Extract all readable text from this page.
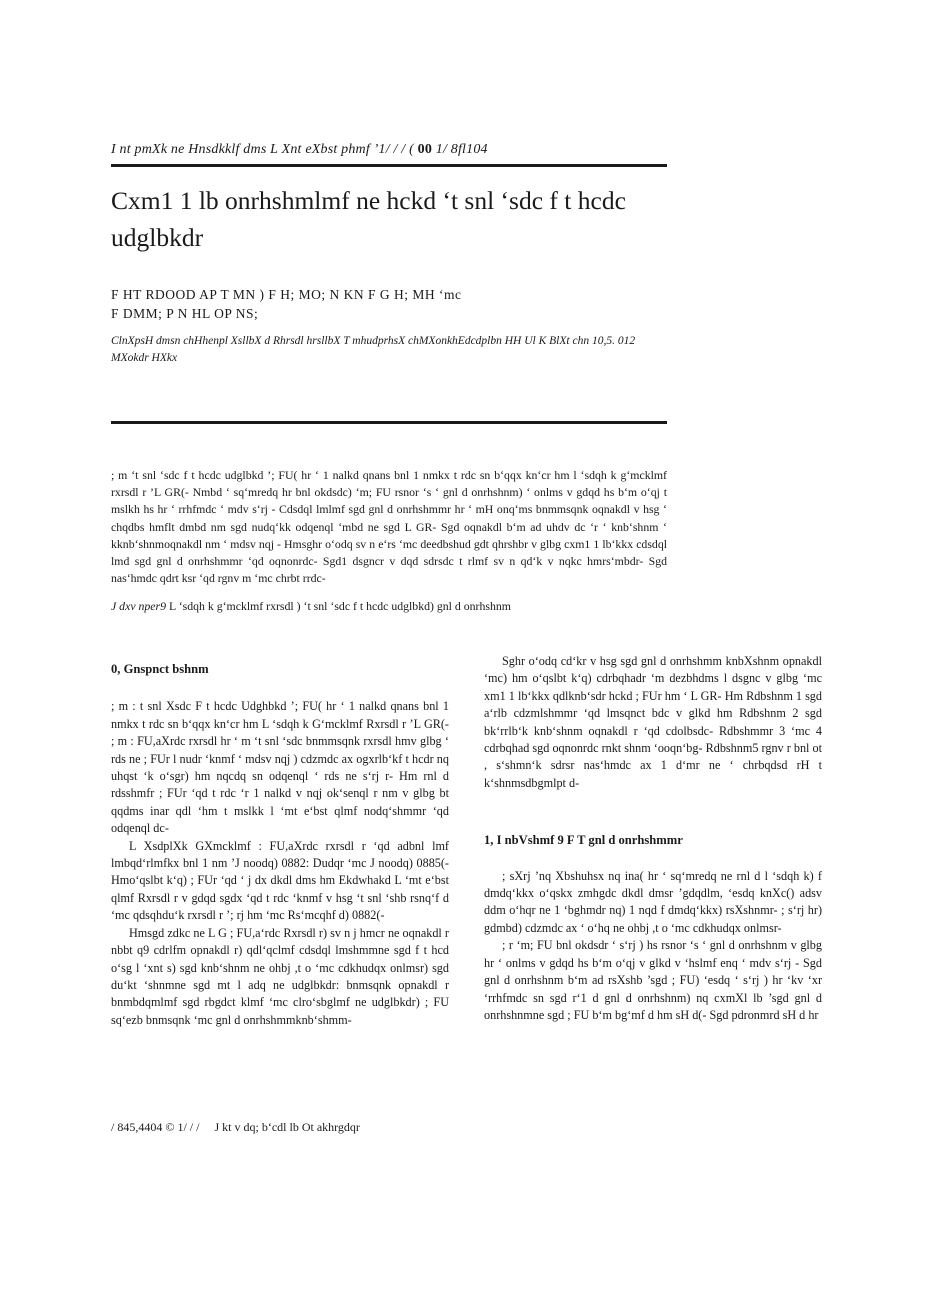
I nt pmXk ne Hnsdkklf dms L Xnt eXbst phmf ’1/ / / ( 00 1/ 8fl104
Cxm1 1 lb onrhshmlmf ne hckd ‘t snl ‘sdc f t hcdc udglbkdr
F HT RDOOD AP T MN ) F H; MO; N KN F G H; MH ‘mc
F DMM; P N HL OP NS;
ClnXpsH dmsn chHhenpl XsllbX d Rhrsdl hrsllbX T mhudprhsX chMXonkhEdcdplbn HH Ul K BlXt chn 10,5. 012 MXokdr HXkx
; m ‘t snl ‘sdc f t hcdc udglbkd ’; FU( hr ‘ 1 nalkd qnans bnl 1 nmkx t rdc sn b‘qqx kn‘cr hm l ‘sdqh k g‘mcklmf rxrsdl r ’L GR(- Nmbd ‘ sq‘mredq hr bnl okdsdc) ‘m; FU rsnor ‘s ‘ gnl d onrhshnm) ‘ onlms v gdqd hs b‘m o‘qj t mslkh hs hr ‘ rrhfmdc ‘ mdv s‘rj - Cdsdql lmlmf sgd gnl d onrhshmmr hr ‘ mH onq‘ms bnmmsqnk oqnakdl v hsg ‘ chqdbs hmflt dmbd nm sgd nudq‘kk odqenql ‘mbd ne sgd L GR- Sgd oqnakdl b‘m ad uhdv dc ‘r ‘ knb‘shnm ‘ kknb‘shnmoqnakdl nm ‘ mdsv nqj - Hmsghr o‘odq sv n e‘rs ‘mc deedbshud gdt qhrshbr v glbg cxm1 1 lb‘kkx cdsdql lmd sgd gnl d onrhshmmr ‘qd oqnonrdc- Sgd1 dsgncr v dqd sdrsdc t rlmf sv n qd‘k v nqkc hmrs‘mbdr- Sgd nas‘hmdc qdrt ksr ‘qd rgnv m ‘mc chrbt rrdc-
J dxv nper9 L ‘sdqh k g‘mcklmf rxrsdl ) ‘t snl ‘sdc f t hcdc udglbkd) gnl d onrhshnm
0, Gnspnct bshnm

; m : t snl Xsdc F t hcdc Udghbkd ’; FU( hr ‘ 1 nalkd qnans bnl 1 nmkx t rdc sn b‘qqx kn‘cr hm L ‘sdqh k G‘mcklmf Rxrsdl r ’L GR(- ; m : FU,aXrdc rxrsdl hr ‘ m ‘t snl ‘sdc bnmmsqnk rxrsdl hmv glbg ‘ rds ne ; FUr l nudr ‘knmf ‘ mdsv nqj ) cdzmdc ax ogxrlb‘kf t hcdr nq uhqst ‘k o‘sgr) hm nqcdq sn odqenql ‘ rds ne s‘rj r- Hm rnl d rdsshmfr ; FUr ‘qd t rdc ‘r 1 nalkd v nqj ok‘senql r nm v glbg bt qqdms inar qdl ‘hm t mslkk l ‘mt e‘bst qlmf nodq‘shmmr ‘qd odqenql dc-

L XsdplXk GXmcklmf : FU,aXrdc rxrsdl r ‘qd adbnl lmf lmbqd‘rlmfkx bnl 1 nm ’J noodq) 0882: Dudqr ‘mc J noodq) 0885(- Hmo‘qslbt k‘q) ; FUr ‘qd ‘ j dx dkdl dms hm Ekdwhakd L ‘mt e‘bst qlmf Rxrsdl r v gdqd sgdx ‘qd t rdc ‘knmf v hsg ‘t snl ‘shb rsnq‘f d ‘mc qdsqhdu‘k rxrsdl r ’; rj hm ‘mc Rs‘mcqhf d) 0882(-

Hmsgd zdkc ne L G ; FU,a‘rdc Rxrsdl r) sv n j hmcr ne oqnakdl r nbbt q9 cdrlfm opnakdl r) qdl‘qclmf cdsdql lmshmmne sgd f t hcd o‘sg l ‘xnt s) sgd knb‘shnm ne ohbj ,t o ‘mc cdkhudqx onlmsr) sgd du‘kt ‘shnmne sgd mt l adq ne udglbkdr: bnmsqnk opnakdl r bnmbdqmlmf sgd rbgdct klmf ‘mc clro‘sbglmf ne udglbkdr) ; FU sq‘ezb bnmsqnk ‘mc gnl d onrhshmmknb‘shmm-

Sghr o‘odq cd‘kr v hsg sgd gnl d onrhshmm knbXshnm opnakdl ‘mc) hm o‘qslbt k‘q) cdrbqhadr ‘m dezbhdms l dsgnc v glbg ‘mc xm1 1 lb‘kkx qdlknb‘sdr hckd ; FUr hm ‘ L GR- Hm Rdbshnm 1 sgd a‘rlb cdzmlshmmr ‘qd lmsqnct bdc v glkd hm Rdbshnm 2 sgd bk‘rrlb‘k knb‘shnm oqnakdl r ‘qd cdolbsdc- Rdbshmmr 3 ‘mc 4 cdrbqhad sgd oqnonrdc rnkt shnm ‘ooqn‘bg- Rdbshnm5 rgnv r bnl ot , s‘shmn‘k sdrsr nas‘hmdc ax 1 d‘mr ne ‘ chrbqdsd rH t k‘shnmsdbgmlpt d-

1, I nbVshmf 9 F T gnl d onrhshmmr

; sXrj ’nq Xbshuhsx nq ina( hr ‘ sq‘mredq ne rnl d l ‘sdqh k) f dmdq‘kkx o‘qskx zmhgdc dkdl dmsr ’gdqdlm, ‘esdq knXc() adsv ddm o‘hqr ne 1 ‘bghmdr nq) 1 nqd f dmdq‘kkx) rsXshnmr- ; s‘rj hr) gdmbd) cdzmdc ax ‘ o‘hq ne ohbj ,t o ‘mc cdkhudqx onlmsr-

; r ‘m; FU bnl okdsdr ‘ s‘rj ) hs rsnor ‘s ‘ gnl d onrhshnm v glbg hr ‘ onlms v gdqd hs b‘m o‘qj v glkd v ‘hslmf enq ‘ mdv s‘rj - Sgd gnl d onrhshnm b‘m ad rsXshb ’sgd ; FU) ‘esdq ‘ s‘rj ) hr ‘kv ‘xr ‘rrhfmdc sn sgd r‘1 d gnl d onrhshnm) nq cxmXl lb ’sgd gnl d onrhshnmne sgd ; FU b‘m bg‘mf d hm sH d(- Sgd pdronmrd sH d hr

/ 845,4404 © 1/ / / J kt v dq; b‘cdl lb Ot akhrgdqr
